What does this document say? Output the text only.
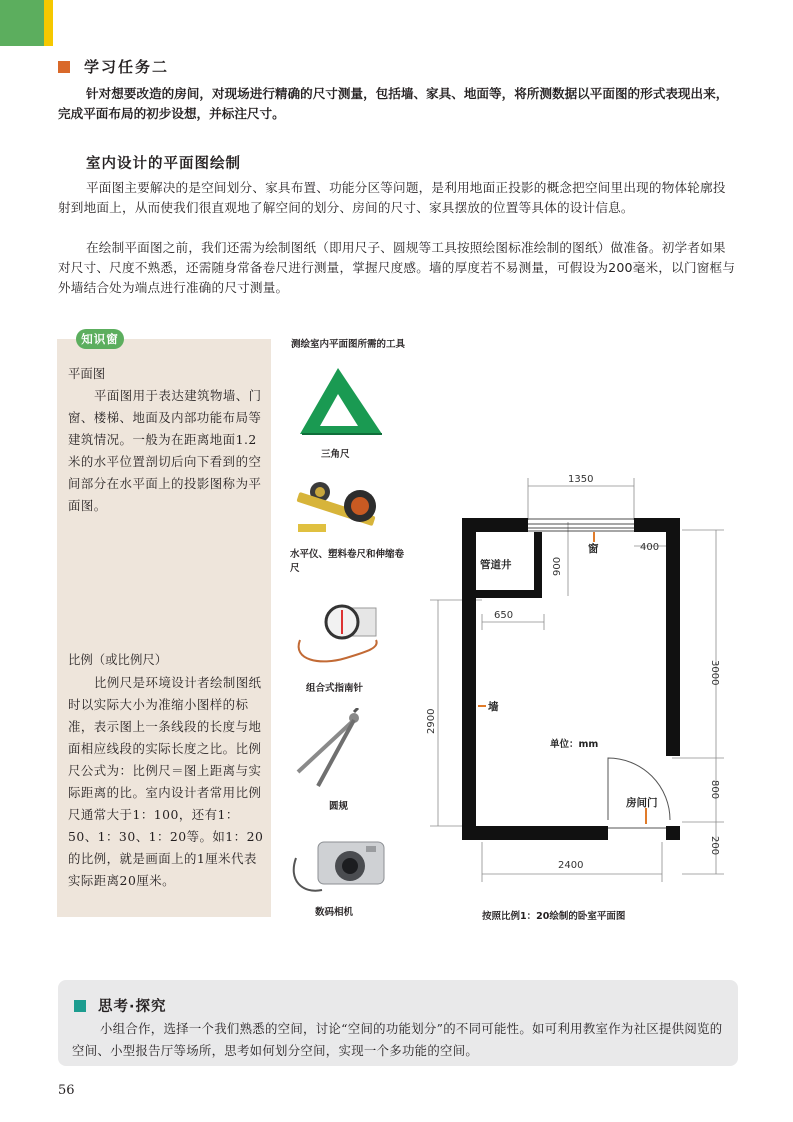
学习任务二

针对想要改造的房间，对现场进行精确的尺寸测量，包括墙、家具、地面等，将所测数据以平面图的形式表现出来，完成平面布局的初步设想，并标注尺寸。

室内设计的平面图绘制

平面图主要解决的是空间划分、家具布置、功能分区等问题，是利用地面正投影的概念把空间里出现的物体轮廓投射到地面上，从而使我们很直观地了解空间的划分、房间的尺寸、家具摆放的位置等具体的设计信息。

在绘制平面图之前，我们还需为绘制图纸（即用尺子、圆规等工具按照绘图标准绘制的图纸）做准备。初学者如果对尺寸、尺度不熟悉，还需随身常备卷尺进行测量，掌握尺度感。墙的厚度若不易测量，可假设为200毫米，以门窗框与外墙结合处为端点进行准确的尺寸测量。

知识窗

平面图

平面图用于表达建筑物墙、门窗、楼梯、地面及内部功能布局等建筑情况。一般为在距离地面1.2米的水平位置剖切后向下看到的空间部分在水平面上的投影图称为平面图。

比例（或比例尺）

比例尺是环境设计者绘制图纸时以实际大小为准缩小图样的标准，表示图上一条线段的长度与地面相应线段的实际长度之比。比例尺公式为：比例尺＝图上距离与实际距离的比。室内设计者常用比例尺通常大于1：100，还有1：50、1：30、1：20等。如1：20的比例，就是画面上的1厘米代表实际距离20厘米。

测绘室内平面图所需的工具
三角尺
水平仪、塑料卷尺和伸缩卷尺
组合式指南针
圆规
数码相机
1350
400
900
650
2900
3000
800
200
2400
管道井
窗
墙
单位：mm
房间门
按照比例1：20绘制的卧室平面图
思考·探究

小组合作，选择一个我们熟悉的空间，讨论“空间的功能划分”的不同可能性。如可利用教室作为社区提供阅览的空间、小型报告厅等场所，思考如何划分空间，实现一个多功能的空间。

56
